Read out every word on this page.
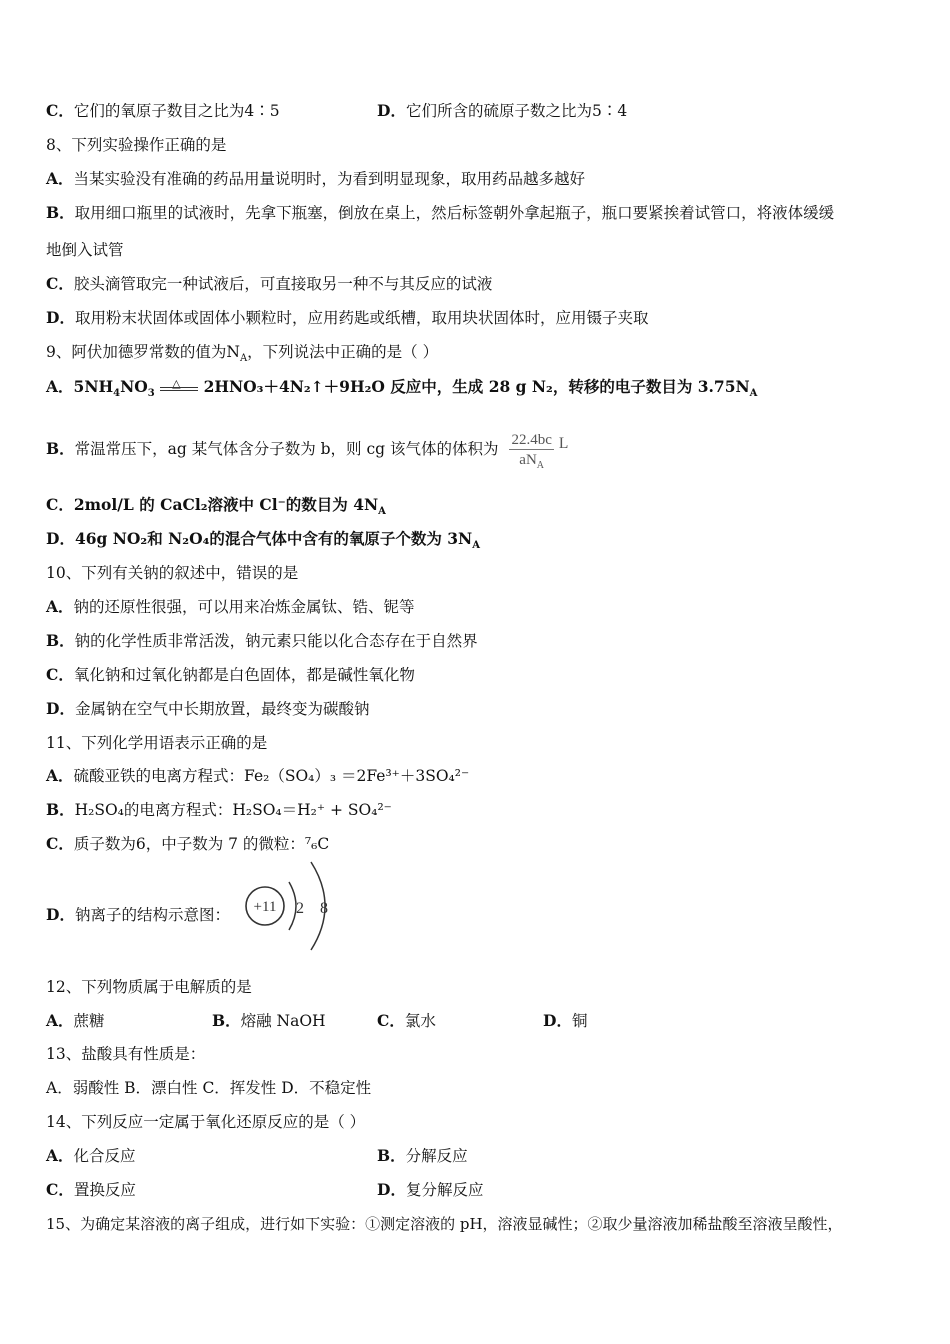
C．它们的氧原子数目之比为4∶5	D．它们所含的硫原子数之比为5∶4
8、下列实验操作正确的是
A．当某实验没有准确的药品用量说明时，为看到明显现象，取用药品越多越好
B．取用细口瓶里的试液时，先拿下瓶塞，倒放在桌上，然后标签朝外拿起瓶子，瓶口要紧挨着试管口，将液体缓缓
地倒入试管
C．胶头滴管取完一种试液后，可直接取另一种不与其反应的试液
D．取用粉末状固体或固体小颗粒时，应用药匙或纸槽，取用块状固体时，应用镊子夹取
9、阿伏加德罗常数的值为$N_A$，下列说法中正确的是（ ）
A．$5NH_4NO_3$
△ 2HNO₃＋4N₂↑＋9H₂O 反应中，生成 28 g N₂，转移的电子数目为 $3.75N_A$
B．常温常压下，ag 某气体含分子数为 b，则 cg 该气体的体积为 $\frac{22.4bc}{aN_A}$ L
C．2mol/L 的 CaCl₂溶液中 Cl⁻的数目为 $4N_A$
D．46g NO₂和 N₂O₄的混合气体中含有的氧原子个数为 $3N_A$
10、下列有关钠的叙述中，错误的是
A．钠的还原性很强，可以用来冶炼金属钛、锆、铌等
B．钠的化学性质非常活泼，钠元素只能以化合态存在于自然界
C．氧化钠和过氧化钠都是白色固体，都是碱性氧化物
D．金属钠在空气中长期放置，最终变为碳酸钠
11、下列化学用语表示正确的是
A．硫酸亚铁的电离方程式：Fe₂（SO₄）₃ ＝2Fe³⁺＋3SO₄²⁻
B．H₂SO₄的电离方程式：H₂SO₄＝H₂⁺ + SO₄²⁻
C．质子数为6，中子数为 7 的微粒：⁷₆C
D．钠离子的结构示意图： +11 2 8
12、下列物质属于电解质的是
A．蔗糖	B．熔融 NaOH	C．氯水	D．铜
13、盐酸具有性质是：
A．弱酸性 B．漂白性 C．挥发性 D．不稳定性
14、下列反应一定属于氧化还原反应的是（ ）
A．化合反应	B．分解反应
C．置换反应	D．复分解反应
15、为确定某溶液的离子组成，进行如下实验：①测定溶液的 pH，溶液显碱性；②取少量溶液加稀盐酸至溶液呈酸性，
